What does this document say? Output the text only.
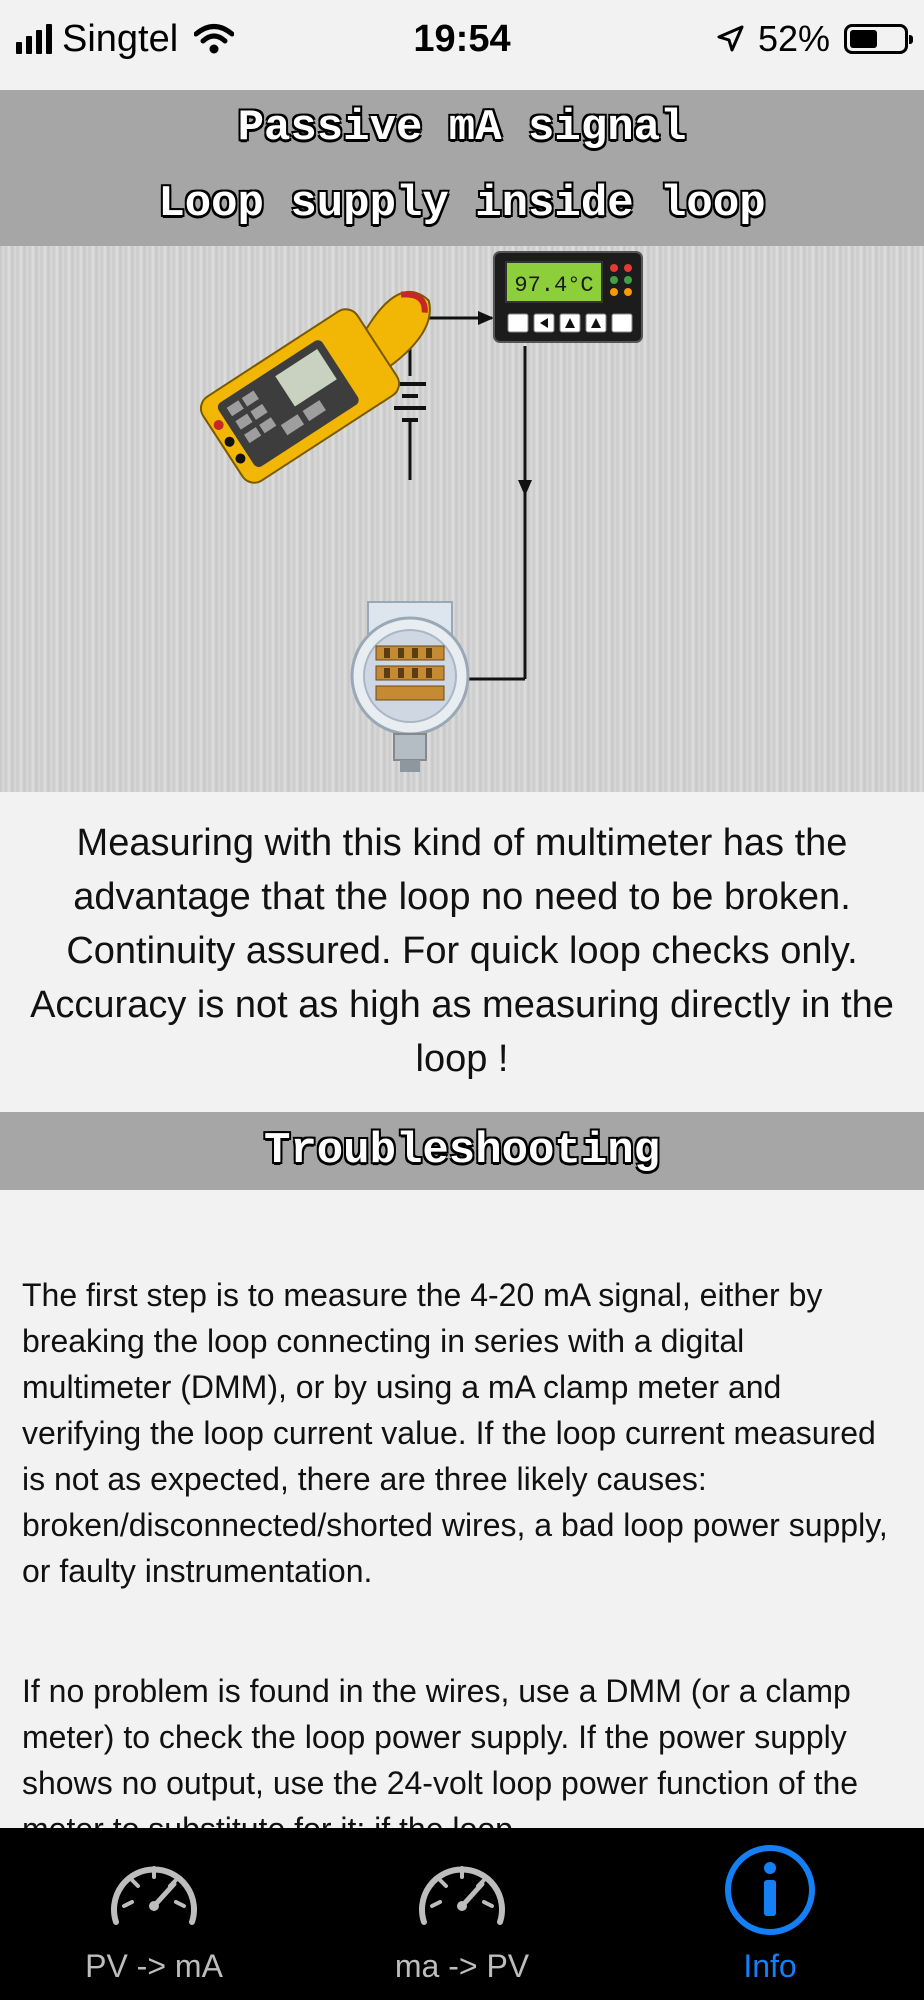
Singtel	19:54	52%
Passive mA signal
Loop supply inside loop
97.4°C
Measuring with this kind of multimeter has the advantage that the loop no need to be broken. Continuity assured. For quick loop checks only. Accuracy is not as high as measuring directly in the loop !
Troubleshooting
The first step is to measure the 4-20 mA signal, either by breaking the loop connecting in series with a digital multimeter (DMM), or by using a mA clamp meter and verifying the loop current value. If the loop current measured is not as expected, there are three likely causes: broken/disconnected/shorted wires, a bad loop power supply, or faulty instrumentation.
If no problem is found in the wires, use a DMM (or a clamp meter) to check the loop power supply. If the power supply shows no output, use the 24-volt loop power function of the
PV -> mA	ma -> PV	Info
